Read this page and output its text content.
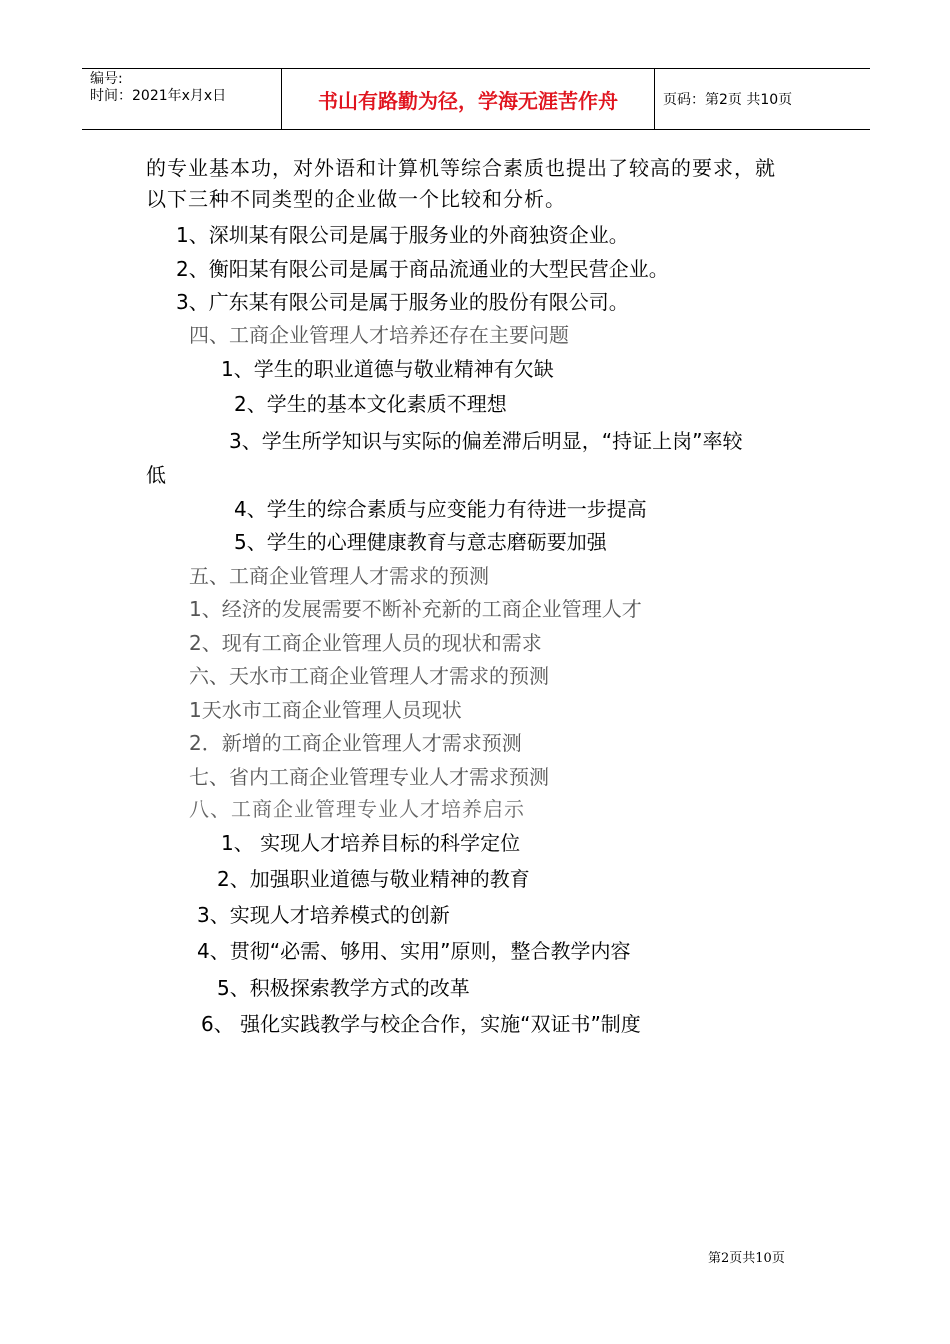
编号:
时间：2021年x月x日	书山有路勤为径，学海无涯苦作舟	页码：第2页 共10页
的专业基本功，对外语和计算机等综合素质也提出了较高的要求，就
以下三种不同类型的企业做一个比较和分析。
1、深圳某有限公司是属于服务业的外商独资企业。
2、衡阳某有限公司是属于商品流通业的大型民营企业。
3、广东某有限公司是属于服务业的股份有限公司。
四、工商企业管理人才培养还存在主要问题
1、学生的职业道德与敬业精神有欠缺
2、学生的基本文化素质不理想
3、学生所学知识与实际的偏差滞后明显，“持证上岗”率较
低
4、学生的综合素质与应变能力有待进一步提高
5、学生的心理健康教育与意志磨砺要加强
五、工商企业管理人才需求的预测
1、经济的发展需要不断补充新的工商企业管理人才
2、现有工商企业管理人员的现状和需求
六、天水市工商企业管理人才需求的预测
1天水市工商企业管理人员现状
2．新增的工商企业管理人才需求预测
七、省内工商企业管理专业人才需求预测
八、工商企业管理专业人才培养启示
1、 实现人才培养目标的科学定位
2、加强职业道德与敬业精神的教育
3、实现人才培养模式的创新
4、贯彻“必需、够用、实用”原则，整合教学内容
5、积极探索教学方式的改革
6、 强化实践教学与校企合作，实施“双证书”制度
第2页共10页
